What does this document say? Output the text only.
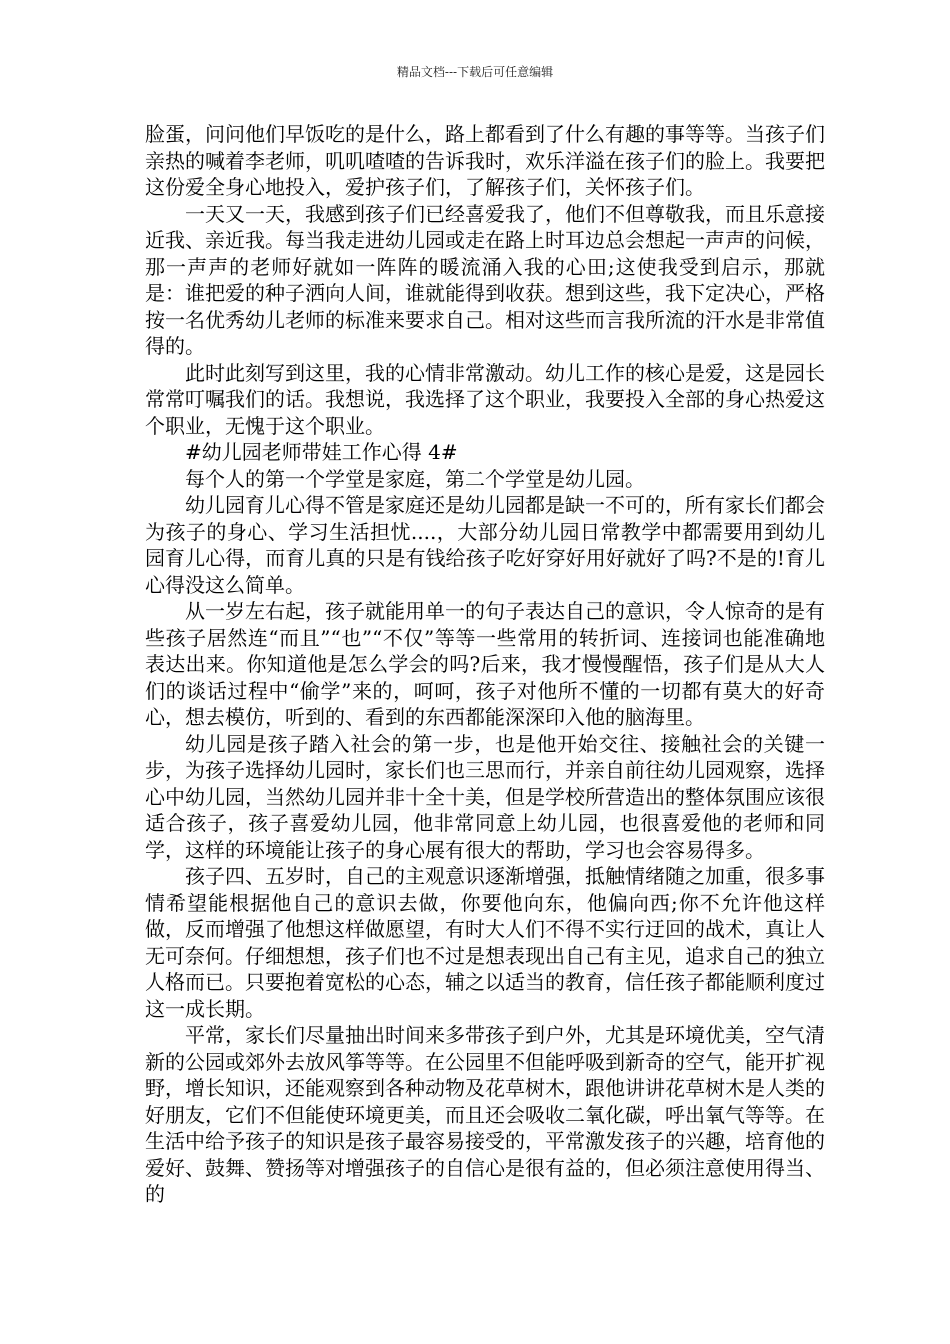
精品文档---下载后可任意编辑

脸蛋，问问他们早饭吃的是什么，路上都看到了什么有趣的事等等。当孩子们亲热的喊着李老师，叽叽喳喳的告诉我时，欢乐洋溢在孩子们的脸上。我要把这份爱全身心地投入，爱护孩子们，了解孩子们，关怀孩子们。

一天又一天，我感到孩子们已经喜爱我了，他们不但尊敬我，而且乐意接近我、亲近我。每当我走进幼儿园或走在路上时耳边总会想起一声声的问候，那一声声的老师好就如一阵阵的暖流涌入我的心田;这使我受到启示，那就是：谁把爱的种子洒向人间，谁就能得到收获。想到这些，我下定决心，严格按一名优秀幼儿老师的标准来要求自己。相对这些而言我所流的汗水是非常值得的。

此时此刻写到这里，我的心情非常激动。幼儿工作的核心是爱，这是园长常常叮嘱我们的话。我想说，我选择了这个职业，我要投入全部的身心热爱这个职业，无愧于这个职业。

#幼儿园老师带娃工作心得 4#

每个人的第一个学堂是家庭，第二个学堂是幼儿园。

幼儿园育儿心得不管是家庭还是幼儿园都是缺一不可的，所有家长们都会为孩子的身心、学习生活担忧....，大部分幼儿园日常教学中都需要用到幼儿园育儿心得，而育儿真的只是有钱给孩子吃好穿好用好就好了吗?不是的!育儿心得没这么简单。

从一岁左右起，孩子就能用单一的句子表达自己的意识，令人惊奇的是有些孩子居然连“而且”“也”“不仅”等等一些常用的转折词、连接词也能准确地表达出来。你知道他是怎么学会的吗?后来，我才慢慢醒悟，孩子们是从大人们的谈话过程中“偷学”来的，呵呵，孩子对他所不懂的一切都有莫大的好奇心，想去模仿，听到的、看到的东西都能深深印入他的脑海里。

幼儿园是孩子踏入社会的第一步，也是他开始交往、接触社会的关键一步，为孩子选择幼儿园时，家长们也三思而行，并亲自前往幼儿园观察，选择心中幼儿园，当然幼儿园并非十全十美，但是学校所营造出的整体氛围应该很适合孩子，孩子喜爱幼儿园，他非常同意上幼儿园，也很喜爱他的老师和同学，这样的环境能让孩子的身心展有很大的帮助，学习也会容易得多。

孩子四、五岁时，自己的主观意识逐渐增强，抵触情绪随之加重，很多事情希望能根据他自己的意识去做，你要他向东，他偏向西;你不允许他这样做，反而增强了他想这样做愿望，有时大人们不得不实行迂回的战术，真让人无可奈何。仔细想想，孩子们也不过是想表现出自己有主见，追求自己的独立人格而已。只要抱着宽松的心态，辅之以适当的教育，信任孩子都能顺利度过这一成长期。

平常，家长们尽量抽出时间来多带孩子到户外，尤其是环境优美，空气清新的公园或郊外去放风筝等等。在公园里不但能呼吸到新奇的空气，能开扩视野，增长知识，还能观察到各种动物及花草树木，跟他讲讲花草树木是人类的好朋友，它们不但能使环境更美，而且还会吸收二氧化碳，呼出氧气等等。在生活中给予孩子的知识是孩子最容易接受的，平常激发孩子的兴趣，培育他的爱好、鼓舞、赞扬等对增强孩子的自信心是很有益的，但必须注意使用得当、的
